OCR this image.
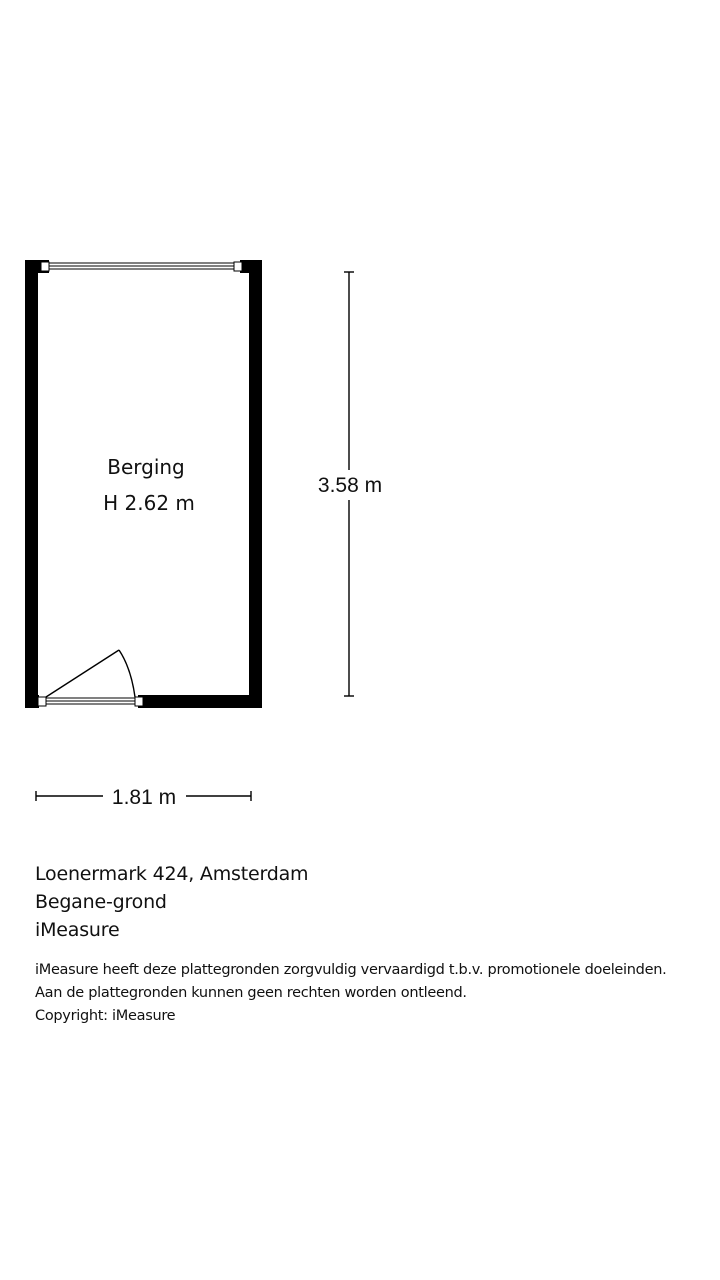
Berging
H 2.62 m
3.58 m
1.81 m
Loenermark 424, Amsterdam
Begane-grond
iMeasure
iMeasure heeft deze plattegronden zorgvuldig vervaardigd t.b.v. promotionele doeleinden.
Aan de plattegronden kunnen geen rechten worden ontleend.
Copyright: iMeasure
